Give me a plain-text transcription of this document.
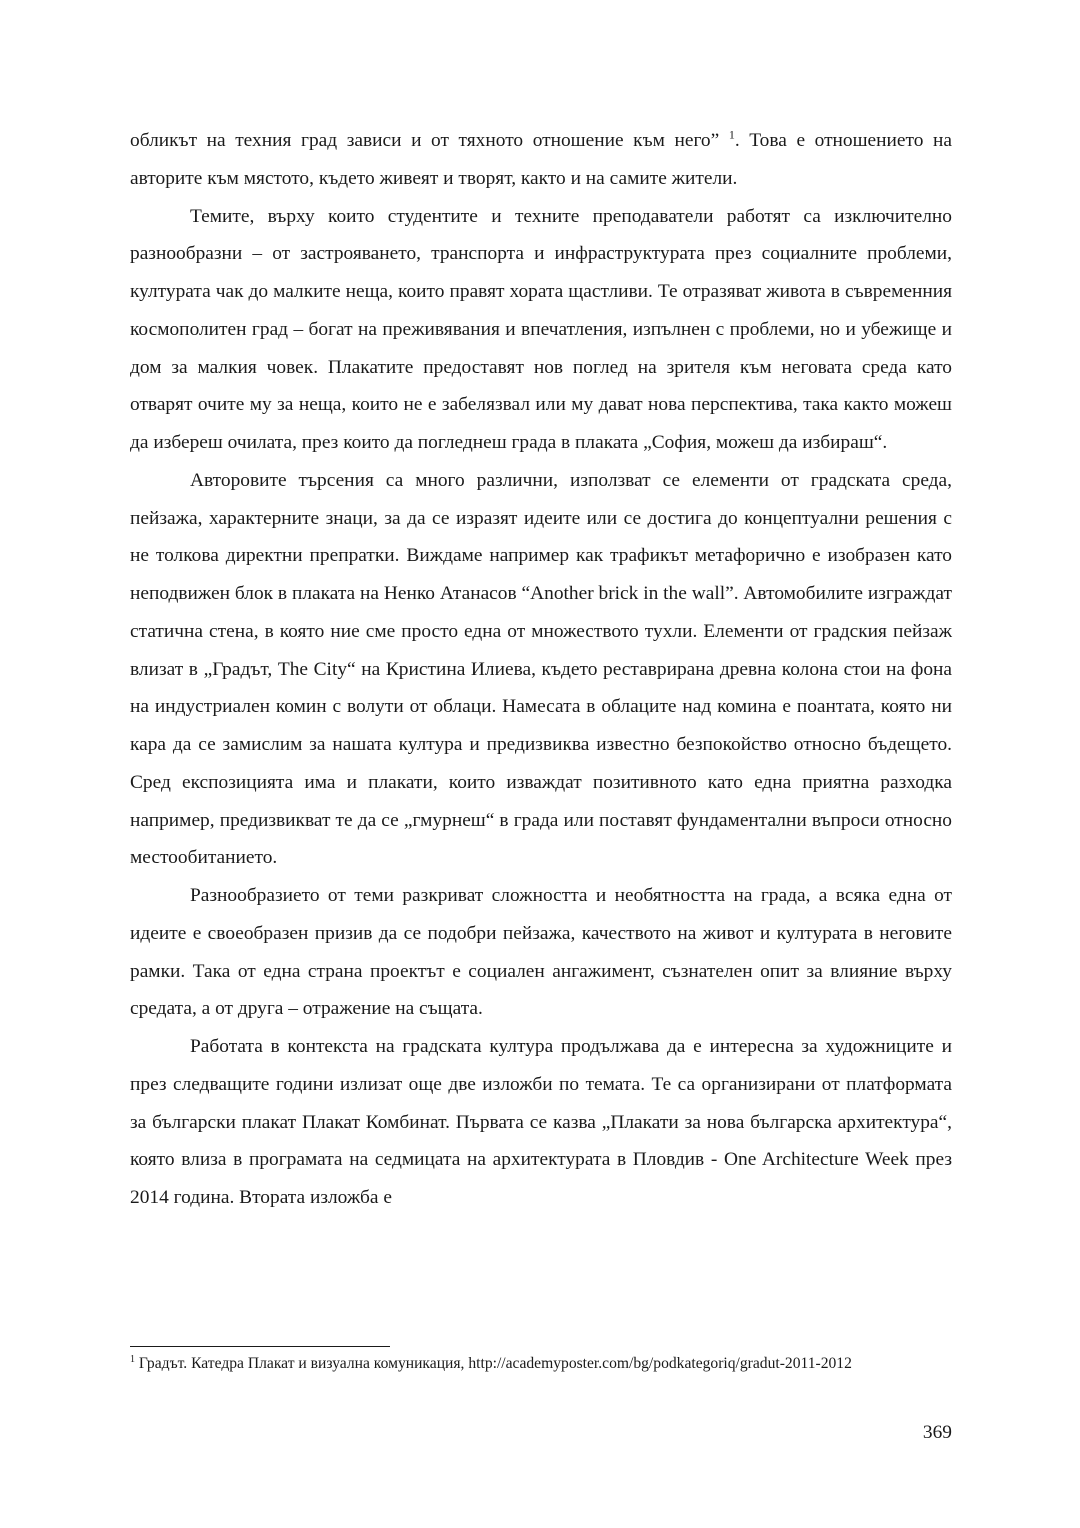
обликът на техния град зависи и от тяхното отношение към него” $^1$. Това е отношението на авторите към мястото, където живеят и творят, както и на самите жители.

Темите, върху които студентите и техните преподаватели работят са изключително разнообразни – от застрояването, транспорта и инфраструктурата през социалните проблеми, културата чак до малките неща, които правят хората щастливи. Те отразяват живота в съвременния космополитен град – богат на преживявания и впечатления, изпълнен с проблеми, но и убежище и дом за малкия човек. Плакатите предоставят нов поглед на зрителя към неговата среда като отварят очите му за неща, които не е забелязвал или му дават нова перспектива, така както можеш да избереш очилата, през които да погледнеш града в плаката „София, можеш да избираш“.

Авторовите търсения са много различни, използват се елементи от градската среда, пейзажа, характерните знаци, за да се изразят идеите или се достига до концептуални решения с не толкова директни препратки. Виждаме например как трафикът метафорично е изобразен като неподвижен блок в плаката на Ненко Атанасов “Another brick in the wall”. Автомобилите изграждат статична стена, в която ние сме просто една от множеството тухли. Елементи от градския пейзаж влизат в „Градът, The City“ на Кристина Илиева, където реставрирана древна колона стои на фона на индустриален комин с волути от облаци. Намесата в облаците над комина е поантата, която ни кара да се замислим за нашата култура и предизвиква известно безпокойство относно бъдещето. Сред експозицията има и плакати, които изваждат позитивното като една приятна разходка например, предизвикват те да се „гмурнеш“ в града или поставят фундаментални въпроси относно местообитанието.

Разнообразието от теми разкриват сложността и необятността на града, а всяка една от идеите е своеобразен призив да се подобри пейзажа, качеството на живот и културата в неговите рамки. Така от една страна проектът е социален ангажимент, съзнателен опит за влияние върху средата, а от друга – отражение на същата.

Работата в контекста на градската култура продължава да е интересна за художниците и през следващите години излизат още две изложби по темата. Те са организирани от платформата за български плакат Плакат Комбинат. Първата се казва „Плакати за нова българска архитектура“, която влиза в програмата на седмицата на архитектурата в Пловдив - One Architecture Week през 2014 година. Втората изложба е

$^1$ Градът. Катедра Плакат и визуална комуникация, http://academyposter.com/bg/podkategoriq/gradut-2011-2012

369
